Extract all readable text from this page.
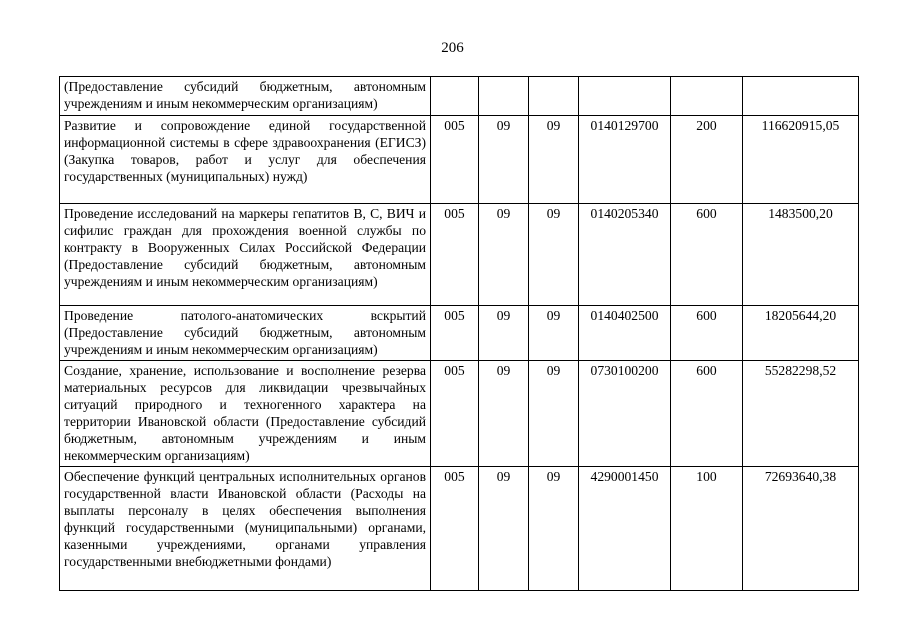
206
(Предоставление субсидий бюджетным, автономным учреждениям и иным некоммерческим организациям)						
Развитие и сопровождение единой государственной информационной системы в сфере здравоохранения (ЕГИСЗ) (Закупка товаров, работ и услуг для обеспечения государственных (муниципальных) нужд)	005	09	09	0140129700	200	116620915,05
Проведение исследований на маркеры гепатитов В, С, ВИЧ и сифилис граждан для прохождения военной службы по контракту в Вооруженных Силах Российской Федерации (Предоставление субсидий бюджетным, автономным учреждениям и иным некоммерческим организациям)	005	09	09	0140205340	600	1483500,20
Проведение патолого-анатомических вскрытий (Предоставление субсидий бюджетным, автономным учреждениям и иным некоммерческим организациям)	005	09	09	0140402500	600	18205644,20
Создание, хранение, использование и восполнение резерва материальных ресурсов для ликвидации чрезвычайных ситуаций природного и техногенного характера на территории Ивановской области (Предоставление субсидий бюджетным, автономным учреждениям и иным некоммерческим организациям)	005	09	09	0730100200	600	55282298,52
Обеспечение функций центральных исполнительных органов государственной власти Ивановской области (Расходы на выплаты персоналу в целях обеспечения выполнения функций государственными (муниципальными) органами, казенными учреждениями, органами управления государственными внебюджетными фондами)	005	09	09	4290001450	100	72693640,38
